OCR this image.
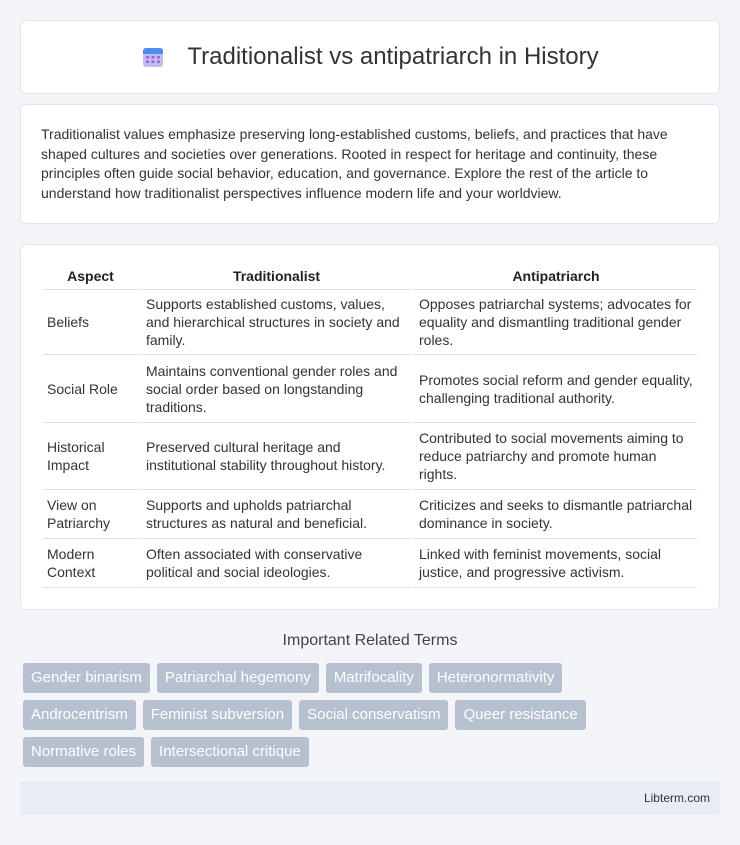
Traditionalist vs antipatriarch in History

Traditionalist values emphasize preserving long-established customs, beliefs, and practices that have shaped cultures and societies over generations. Rooted in respect for heritage and continuity, these principles often guide social behavior, education, and governance. Explore the rest of the article to understand how traditionalist perspectives influence modern life and your worldview.

Aspect	Traditionalist	Antipatriarch
Beliefs	Supports established customs, values, and hierarchical structures in society and family.	Opposes patriarchal systems; advocates for equality and dismantling traditional gender roles.
Social Role	Maintains conventional gender roles and social order based on longstanding traditions.	Promotes social reform and gender equality, challenging traditional authority.
Historical Impact	Preserved cultural heritage and institutional stability throughout history.	Contributed to social movements aiming to reduce patriarchy and promote human rights.
View on Patriarchy	Supports and upholds patriarchal structures as natural and beneficial.	Criticizes and seeks to dismantle patriarchal dominance in society.
Modern Context	Often associated with conservative political and social ideologies.	Linked with feminist movements, social justice, and progressive activism.
Important Related Terms
Gender binarism	Patriarchal hegemony	Matrifocality	Heteronormativity
Androcentrism	Feminist subversion	Social conservatism	Queer resistance
Normative roles	Intersectional critique
Libterm.com
